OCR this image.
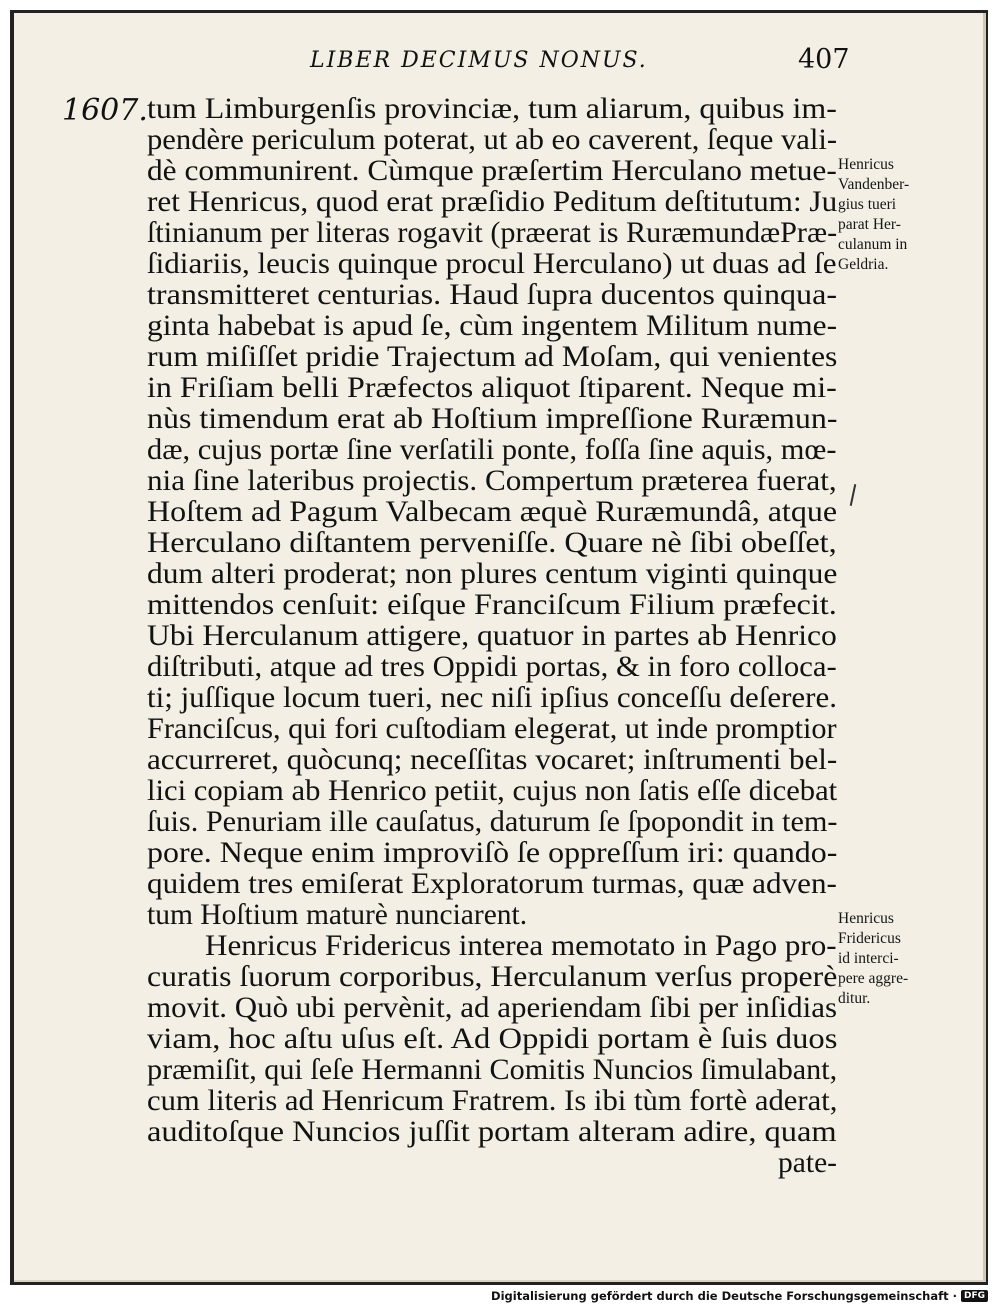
LIBER DECIMUS NONUS.	407
1607. tum Limburgenſis provinciæ, tum aliarum, quibus im-
pendère periculum poterat, ut ab eo caverent, ſeque vali-
dè communirent. Cùmque præſertim Herculano metue-
ret Henricus, quod erat præſidio Peditum deſtitutum: Ju
ſtinianum per literas rogavit (præerat is RuræmundæPræ-
ſidiariis, leucis quinque procul Herculano) ut duas ad ſe
transmitteret centurias. Haud ſupra ducentos quinqua-
ginta habebat is apud ſe, cùm ingentem Militum nume-
rum miſiſſet pridie Trajectum ad Moſam, qui venientes
in Friſiam belli Præfectos aliquot ſtiparent. Neque mi-
nùs timendum erat ab Hoſtium impreſſione Ruræmun-
dæ, cujus portæ ſine verſatili ponte, foſſa ſine aquis, mœ-
nia ſine lateribus projectis. Compertum præterea fuerat,
Hoſtem ad Pagum Valbecam æquè Ruræmundâ, atque
Herculano diſtantem perveniſſe. Quare nè ſibi obeſſet,
dum alteri proderat; non plures centum viginti quinque
mittendos cenſuit: eiſque Franciſcum Filium præfecit.
Ubi Herculanum attigere, quatuor in partes ab Henrico
diſtributi, atque ad tres Oppidi portas, & in foro colloca-
ti; juſſique locum tueri, nec niſi ipſius conceſſu deſerere.
Franciſcus, qui fori cuſtodiam elegerat, ut inde promptior
accurreret, quòcunq; neceſſitas vocaret; inſtrumenti bel-
lici copiam ab Henrico petiit, cujus non ſatis eſſe dicebat
ſuis. Penuriam ille cauſatus, daturum ſe ſpopondit in tem-
pore. Neque enim improviſò ſe oppreſſum iri: quando-
quidem tres emiſerat Exploratorum turmas, quæ adven-
tum Hoſtium maturè nunciarent.
Henricus Fridericus interea memotato in Pago pro-
curatis ſuorum corporibus, Herculanum verſus properè
movit. Quò ubi pervènit, ad aperiendam ſibi per inſidias
viam, hoc aſtu uſus eſt. Ad Oppidi portam è ſuis duos
præmiſit, qui ſeſe Hermanni Comitis Nuncios ſimulabant,
cum literis ad Henricum Fratrem. Is ibi tùm fortè aderat,
auditoſque Nuncios juſſit portam alteram adire, quam
pate-
Henricus
Vandenber-
gius tueri
parat Her-
culanum in
Geldria.
Henricus
Fridericus
id interci-
pere aggre-
ditur.
Digitalisierung gefördert durch die Deutsche Forschungsgemeinschaft · DFG
